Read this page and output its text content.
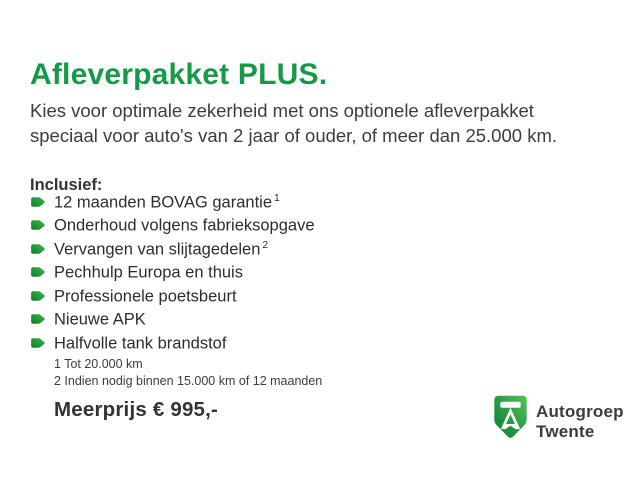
Afleverpakket PLUS.
Kies voor optimale zekerheid met ons optionele afleverpakket
speciaal voor auto's van 2 jaar of ouder, of meer dan 25.000 km.
Inclusief:
12 maanden BOVAG garantie $^1$
Onderhoud volgens fabrieksopgave
Vervangen van slijtagedelen $^2$
Pechhulp Europa en thuis
Professionele poetsbeurt
Nieuwe APK
Halfvolle tank brandstof
1 Tot 20.000 km
2 Indien nodig binnen 15.000 km of 12 maanden
Meerprijs € 995,-	Autogroep
Twente
